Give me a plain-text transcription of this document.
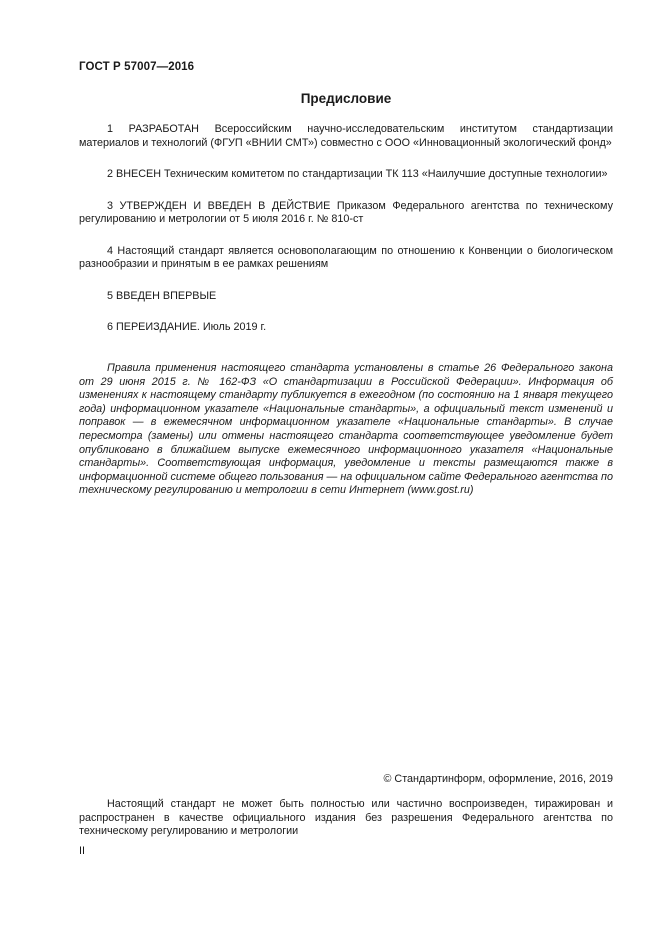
ГОСТ Р 57007—2016
Предисловие

1 РАЗРАБОТАН Всероссийским научно-исследовательским институтом стандартизации материалов и технологий (ФГУП «ВНИИ СМТ») совместно с ООО «Инновационный экологический фонд»

2 ВНЕСЕН Техническим комитетом по стандартизации ТК 113 «Наилучшие доступные технологии»

3 УТВЕРЖДЕН И ВВЕДЕН В ДЕЙСТВИЕ Приказом Федерального агентства по техническому регулированию и метрологии от 5 июля 2016 г. № 810-ст

4 Настоящий стандарт является основополагающим по отношению к Конвенции о биологическом разнообразии и принятым в ее рамках решениям

5 ВВЕДЕН ВПЕРВЫЕ

6 ПЕРЕИЗДАНИЕ. Июль 2019 г.

Правила применения настоящего стандарта установлены в статье 26 Федерального закона от 29 июня 2015 г. № 162-ФЗ «О стандартизации в Российской Федерации». Информация об изменениях к настоящему стандарту публикуется в ежегодном (по состоянию на 1 января текущего года) информационном указателе «Национальные стандарты», а официальный текст изменений и поправок — в ежемесячном информационном указателе «Национальные стандарты». В случае пересмотра (замены) или отмены настоящего стандарта соответствующее уведомление будет опубликовано в ближайшем выпуске ежемесячного информационного указателя «Национальные стандарты». Соответствующая информация, уведомление и тексты размещаются также в информационной системе общего пользования — на официальном сайте Федерального агентства по техническому регулированию и метрологии в сети Интернет (www.gost.ru)

© Стандартинформ, оформление, 2016, 2019

Настоящий стандарт не может быть полностью или частично воспроизведен, тиражирован и распространен в качестве официального издания без разрешения Федерального агентства по техническому регулированию и метрологии

II
